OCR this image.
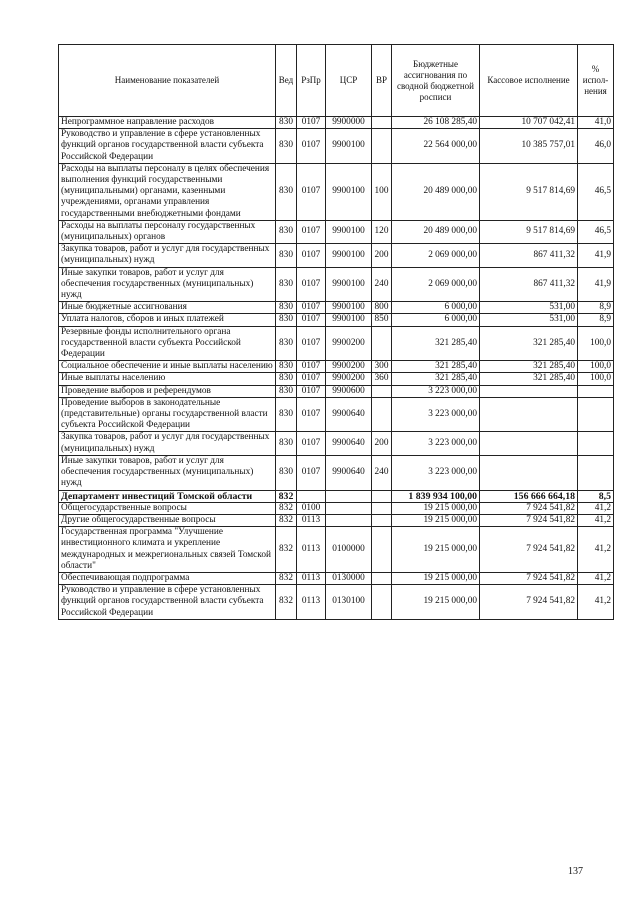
Наименование показателей	Вед	РзПр	ЦСР	ВР	Бюджетные ассигнования по сводной бюджетной росписи	Кассовое исполнение	% испол-нения
Непрограммное направление расходов	830	0107	9900000		26 108 285,40	10 707 042,41	41,0
Руководство и управление в сфере установленных функций органов государственной власти субъекта Российской Федерации	830	0107	9900100		22 564 000,00	10 385 757,01	46,0
Расходы на выплаты персоналу в целях обеспечения выполнения функций государственными (муниципальными) органами, казенными учреждениями, органами управления государственными внебюджетными фондами	830	0107	9900100	100	20 489 000,00	9 517 814,69	46,5
Расходы на выплаты персоналу государственных (муниципальных) органов	830	0107	9900100	120	20 489 000,00	9 517 814,69	46,5
Закупка товаров, работ и услуг для государственных (муниципальных) нужд	830	0107	9900100	200	2 069 000,00	867 411,32	41,9
Иные закупки товаров, работ и услуг для обеспечения государственных (муниципальных) нужд	830	0107	9900100	240	2 069 000,00	867 411,32	41,9
Иные бюджетные ассигнования	830	0107	9900100	800	6 000,00	531,00	8,9
Уплата налогов, сборов и иных платежей	830	0107	9900100	850	6 000,00	531,00	8,9
Резервные фонды исполнительного органа государственной власти субъекта Российской Федерации	830	0107	9900200		321 285,40	321 285,40	100,0
Социальное обеспечение и иные выплаты населению	830	0107	9900200	300	321 285,40	321 285,40	100,0
Иные выплаты населению	830	0107	9900200	360	321 285,40	321 285,40	100,0
Проведение выборов и референдумов	830	0107	9900600		3 223 000,00		
Проведение выборов в законодательные (представительные) органы государственной власти субъекта Российской Федерации	830	0107	9900640		3 223 000,00		
Закупка товаров, работ и услуг для государственных (муниципальных) нужд	830	0107	9900640	200	3 223 000,00		
Иные закупки товаров, работ и услуг для обеспечения государственных (муниципальных) нужд	830	0107	9900640	240	3 223 000,00		
Департамент инвестиций Томской области	832				1 839 934 100,00	156 666 664,18	8,5
Общегосударственные вопросы	832	0100			19 215 000,00	7 924 541,82	41,2
Другие общегосударственные вопросы	832	0113			19 215 000,00	7 924 541,82	41,2
Государственная программа "Улучшение инвестиционного климата и укрепление международных и межрегиональных связей Томской области"	832	0113	0100000		19 215 000,00	7 924 541,82	41,2
Обеспечивающая подпрограмма	832	0113	0130000		19 215 000,00	7 924 541,82	41,2
Руководство и управление в сфере установленных функций органов государственной власти субъекта Российской Федерации	832	0113	0130100		19 215 000,00	7 924 541,82	41,2
137
